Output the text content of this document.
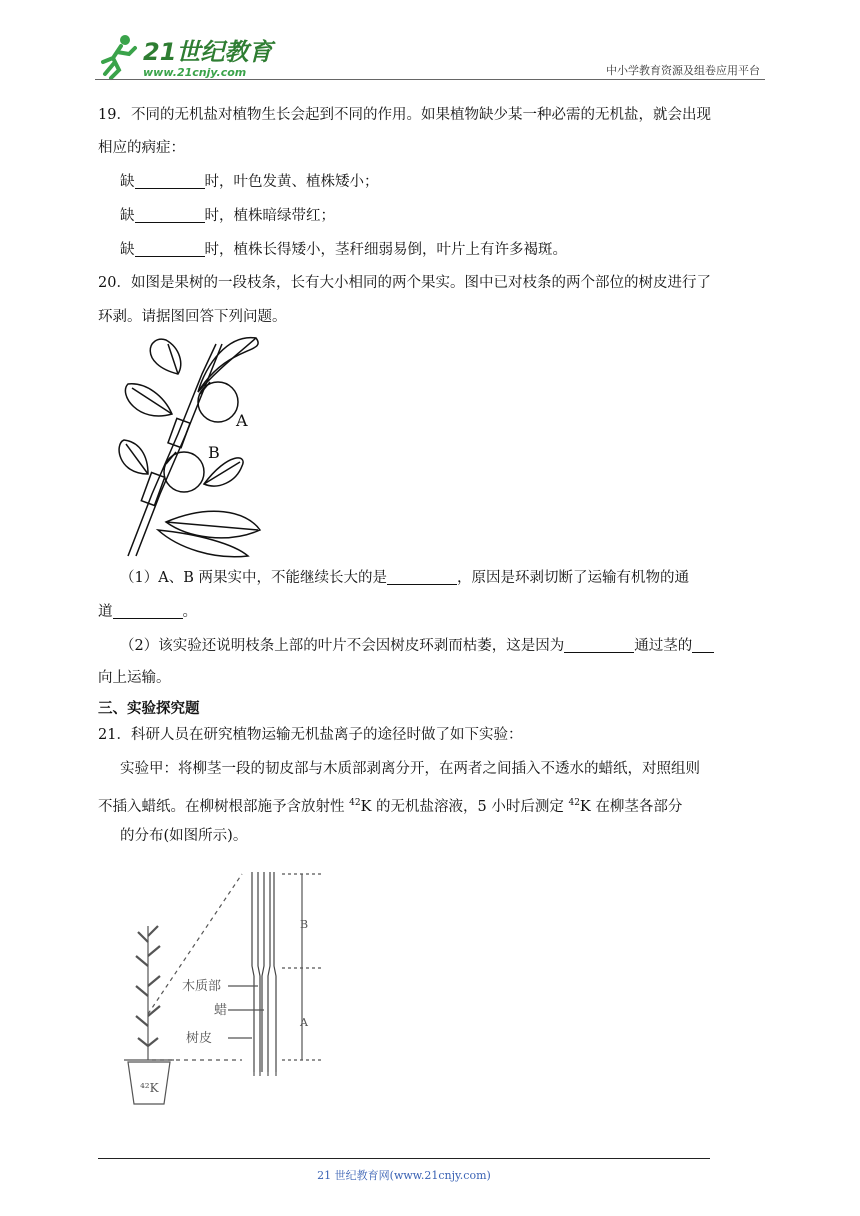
21世纪教育
www.21cnjy.com	中小学教育资源及组卷应用平台
19．不同的无机盐对植物生长会起到不同的作用。如果植物缺少某一种必需的无机盐，就会出现
相应的病症：
缺	时，叶色发黄、植株矮小；
缺	时，植株暗绿带红；
缺	时，植株长得矮小，茎秆细弱易倒，叶片上有许多褐斑。
20．如图是果树的一段枝条，长有大小相同的两个果实。图中已对枝条的两个部位的树皮进行了
环剥。请据图回答下列问题。
A
B
（1）A、B 两果实中，不能继续长大的是	，原因是环剥切断了运输有机物的通
道	。
（2）该实验还说明枝条上部的叶片不会因树皮环剥而枯萎，这是因为	通过茎的
向上运输。
三、实验探究题
21．科研人员在研究植物运输无机盐离子的途径时做了如下实验：
实验甲：将柳茎一段的韧皮部与木质部剥离分开，在两者之间插入不透水的蜡纸，对照组则
不插入蜡纸。在柳树根部施予含放射性 $^{42}$K 的无机盐溶液，5 小时后测定 $^{42}$K 在柳茎各部分
的分布(如图所示)。
⁴²K
B
A
木质部
蜡
树皮
21 世纪教育网(www.21cnjy.com)
